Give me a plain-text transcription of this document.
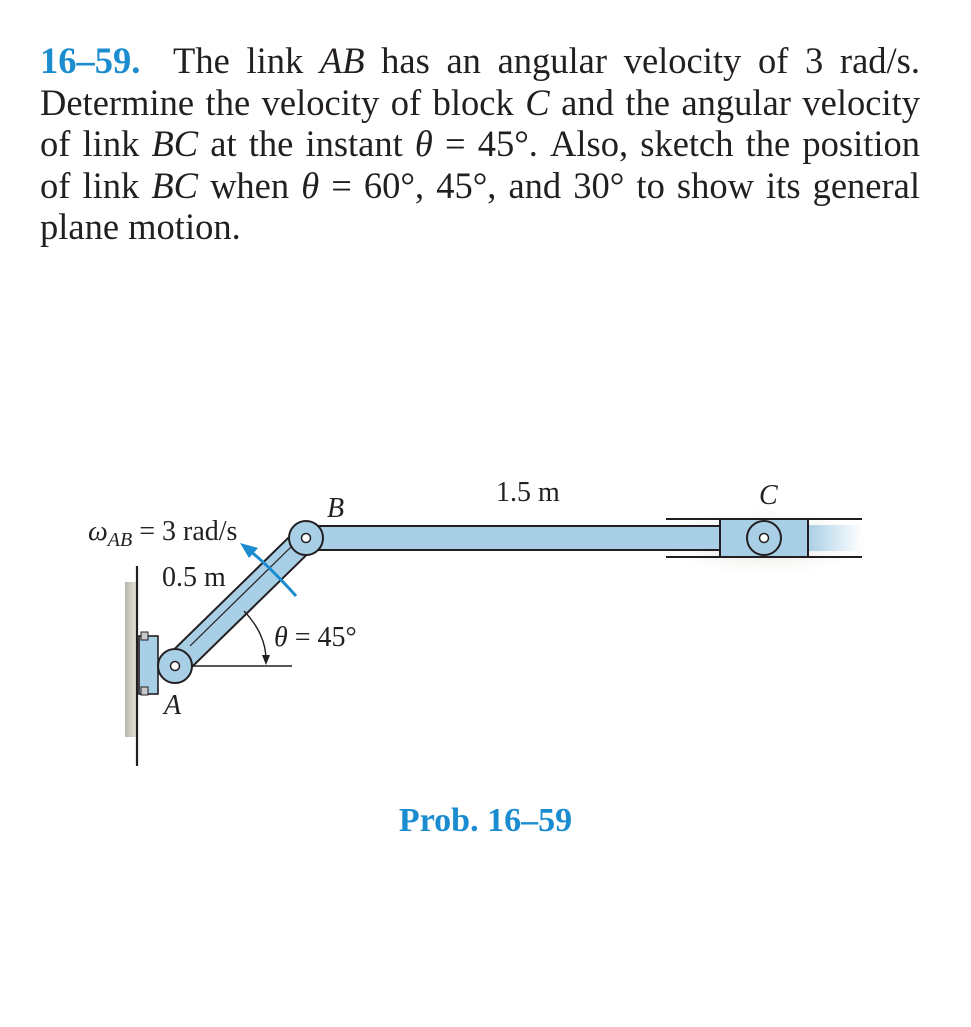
16–59. The link AB has an angular velocity of 3 rad/s.
Determine the velocity of block C and the angular velocity
of link BC at the instant θ = 45°. Also, sketch the position
of link BC when θ = 60°, 45°, and 30° to show its general
plane motion.
$\omega_{AB} = 3$ rad/s
0.5 m
1.5 m
A
B	C
θ = 45°
Prob. 16–59
